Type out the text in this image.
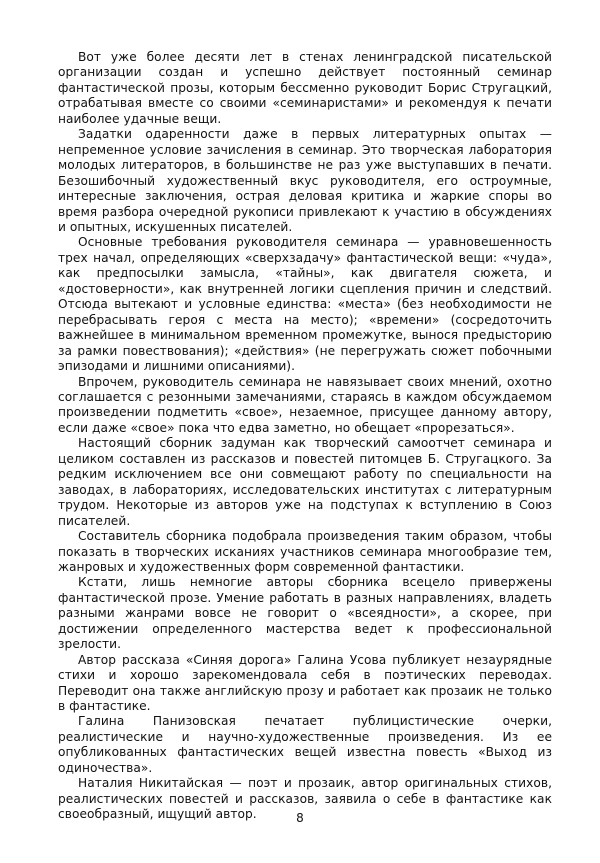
Вот уже более десяти лет в стенах ленинградской писательской организации создан и успешно действует постоянный семинар фантастической прозы, которым бессменно руководит Борис Стругацкий, отрабатывая вместе со своими «семинаристами» и рекомендуя к печати наиболее удачные вещи.

Задатки одаренности даже в первых литературных опытах — непременное условие зачисления в семинар. Это творческая лаборатория молодых литераторов, в большинстве не раз уже выступавших в печати. Безошибочный художественный вкус руководителя, его остроумные, интересные заключения, острая деловая критика и жаркие споры во время разбора очередной рукописи привлекают к участию в обсуждениях и опытных, искушенных писателей.

Основные требования руководителя семинара — уравновешенность трех начал, определяющих «сверхзадачу» фантастической вещи: «чуда», как предпосылки замысла, «тайны», как двигателя сюжета, и «достоверности», как внутренней логики сцепления причин и следствий. Отсюда вытекают и условные единства: «места» (без необходимости не перебрасывать героя с места на место); «времени» (сосредоточить важнейшее в минимальном временном промежутке, вынося предысторию за рамки повествования); «действия» (не перегружать сюжет побочными эпизодами и лишними описаниями).

Впрочем, руководитель семинара не навязывает своих мнений, охотно соглашается с резонными замечаниями, стараясь в каждом обсуждаемом произведении подметить «свое», незаемное, присущее данному автору, если даже «свое» пока что едва заметно, но обещает «прорезаться».

Настоящий сборник задуман как творческий самоотчет семинара и целиком составлен из рассказов и повестей питомцев Б. Стругацкого. За редким исключением все они совмещают работу по специальности на заводах, в лабораториях, исследовательских институтах с литературным трудом. Некоторые из авторов уже на подступах к вступлению в Союз писателей.

Составитель сборника подобрала произведения таким образом, чтобы показать в творческих исканиях участников семинара многообразие тем, жанровых и художественных форм современной фантастики.

Кстати, лишь немногие авторы сборника всецело привержены фантастической прозе. Умение работать в разных направлениях, владеть разными жанрами вовсе не говорит о «всеядности», а скорее, при достижении определенного мастерства ведет к профессиональной зрелости.

Автор рассказа «Синяя дорога» Галина Усова публикует незаурядные стихи и хорошо зарекомендовала себя в поэтических переводах. Переводит она также английскую прозу и работает как прозаик не только в фантастике.

Галина Панизовская печатает публицистические очерки, реалистические и научно-художественные произведения. Из ее опубликованных фантастических вещей известна повесть «Выход из одиночества».

Наталия Никитайская — поэт и прозаик, автор оригинальных стихов, реалистических повестей и рассказов, заявила о себе в фантастике как своеобразный, ищущий автор.	8
